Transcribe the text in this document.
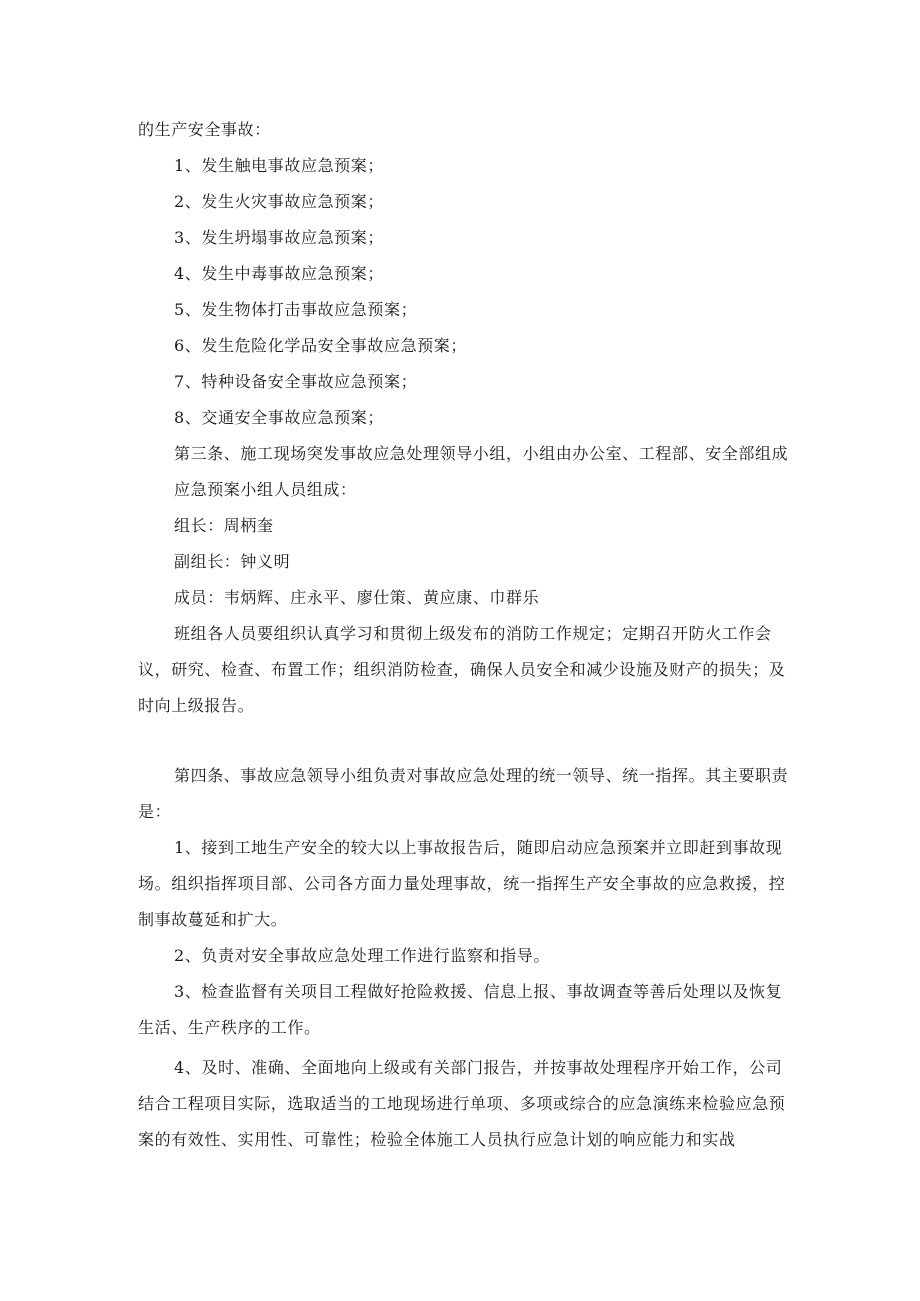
的生产安全事故：

1、发生触电事故应急预案；

2、发生火灾事故应急预案；

3、发生坍塌事故应急预案；

4、发生中毒事故应急预案；

5、发生物体打击事故应急预案；

6、发生危险化学品安全事故应急预案；

7、特种设备安全事故应急预案；

8、交通安全事故应急预案；

第三条、施工现场突发事故应急处理领导小组，小组由办公室、工程部、安全部组成

应急预案小组人员组成：

组长：周柄奎

副组长：钟义明

成员：韦炳辉、庄永平、廖仕策、黄应康、巾群乐

班组各人员要组织认真学习和贯彻上级发布的消防工作规定；定期召开防火工作会议，研究、检查、布置工作；组织消防检查，确保人员安全和减少设施及财产的损失；及时向上级报告。

第四条、事故应急领导小组负责对事故应急处理的统一领导、统一指挥。其主要职责是：

1、接到工地生产安全的较大以上事故报告后，随即启动应急预案并立即赶到事故现场。组织指挥项目部、公司各方面力量处理事故，统一指挥生产安全事故的应急救援，控制事故蔓延和扩大。

2、负责对安全事故应急处理工作进行监察和指导。

3、检查监督有关项目工程做好抢险救援、信息上报、事故调查等善后处理以及恢复生活、生产秩序的工作。

4、及时、准确、全面地向上级或有关部门报告，并按事故处理程序开始工作，公司结合工程项目实际，选取适当的工地现场进行单项、多项或综合的应急演练来检验应急预案的有效性、实用性、可靠性；检验全体施工人员执行应急计划的响应能力和实战
